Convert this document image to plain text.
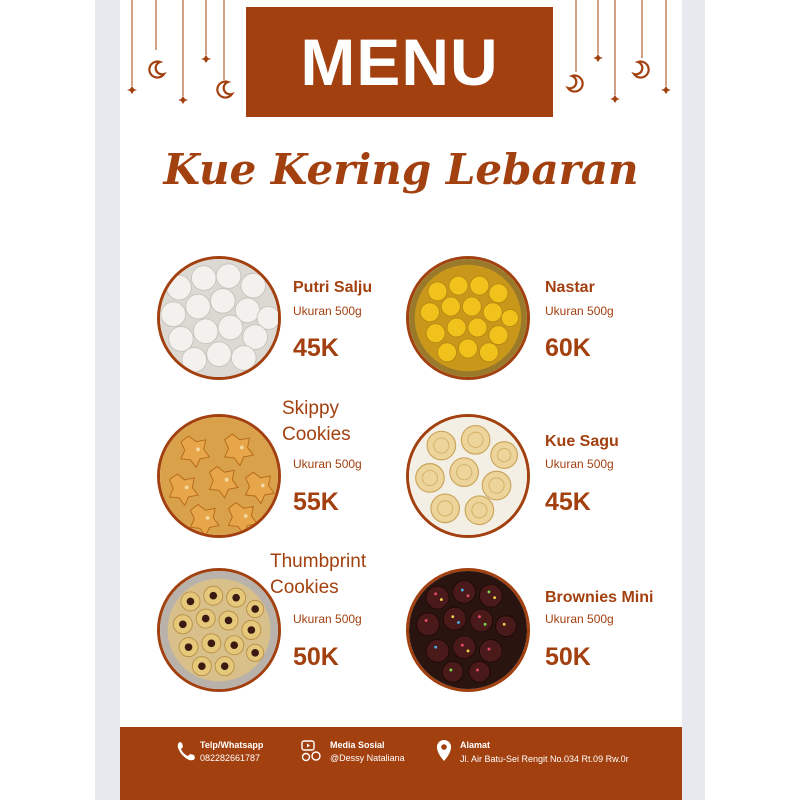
MENU
Kue Kering Lebaran
Putri Salju
Ukuran 500g
45K
Nastar
Ukuran 500g
60K
Skippy
Cookies
Ukuran 500g
55K
Kue Sagu
Ukuran 500g
45K
Thumbprint
Cookies
Ukuran 500g
50K
Brownies Mini
Ukuran 500g
50K
Telp/Whatsapp
082282661787
Media Sosial
@Dessy Nataliana
Alamat
Jl. Air Batu-Sei Rengit No.034 Rt.09 Rw.0r
